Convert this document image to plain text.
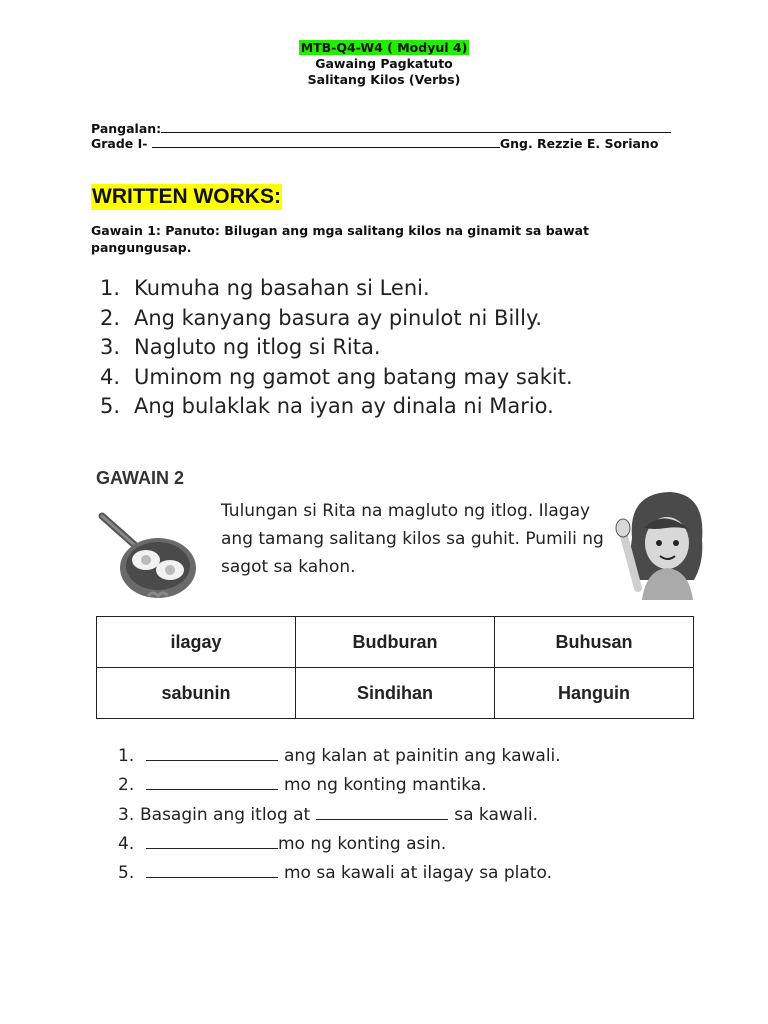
MTB-Q4-W4 ( Modyul 4)
Gawaing Pagkatuto
Salitang Kilos (Verbs)
Pangalan:
Grade I-	Gng. Rezzie E. Soriano
WRITTEN WORKS:
Gawain 1: Panuto: Bilugan ang mga salitang kilos na ginamit sa bawat pangungusap.
1. Kumuha ng basahan si Leni.
2. Ang kanyang basura ay pinulot ni Billy.
3. Nagluto ng itlog si Rita.
4. Uminom ng gamot ang batang may sakit.
5. Ang bulaklak na iyan ay dinala ni Mario.
GAWAIN 2
Tulungan si Rita na magluto ng itlog. Ilagay ang tamang salitang kilos sa guhit. Pumili ng sagot sa kahon.
ilagay	Budburan	Buhusan
sabunin	Sindihan	Hanguin
1.	ang kalan at painitin ang kawali.
2.	mo ng konting mantika.
3. Basagin ang itlog at	sa kawali.
4.	mo ng konting asin.
5.	mo sa kawali at ilagay sa plato.
